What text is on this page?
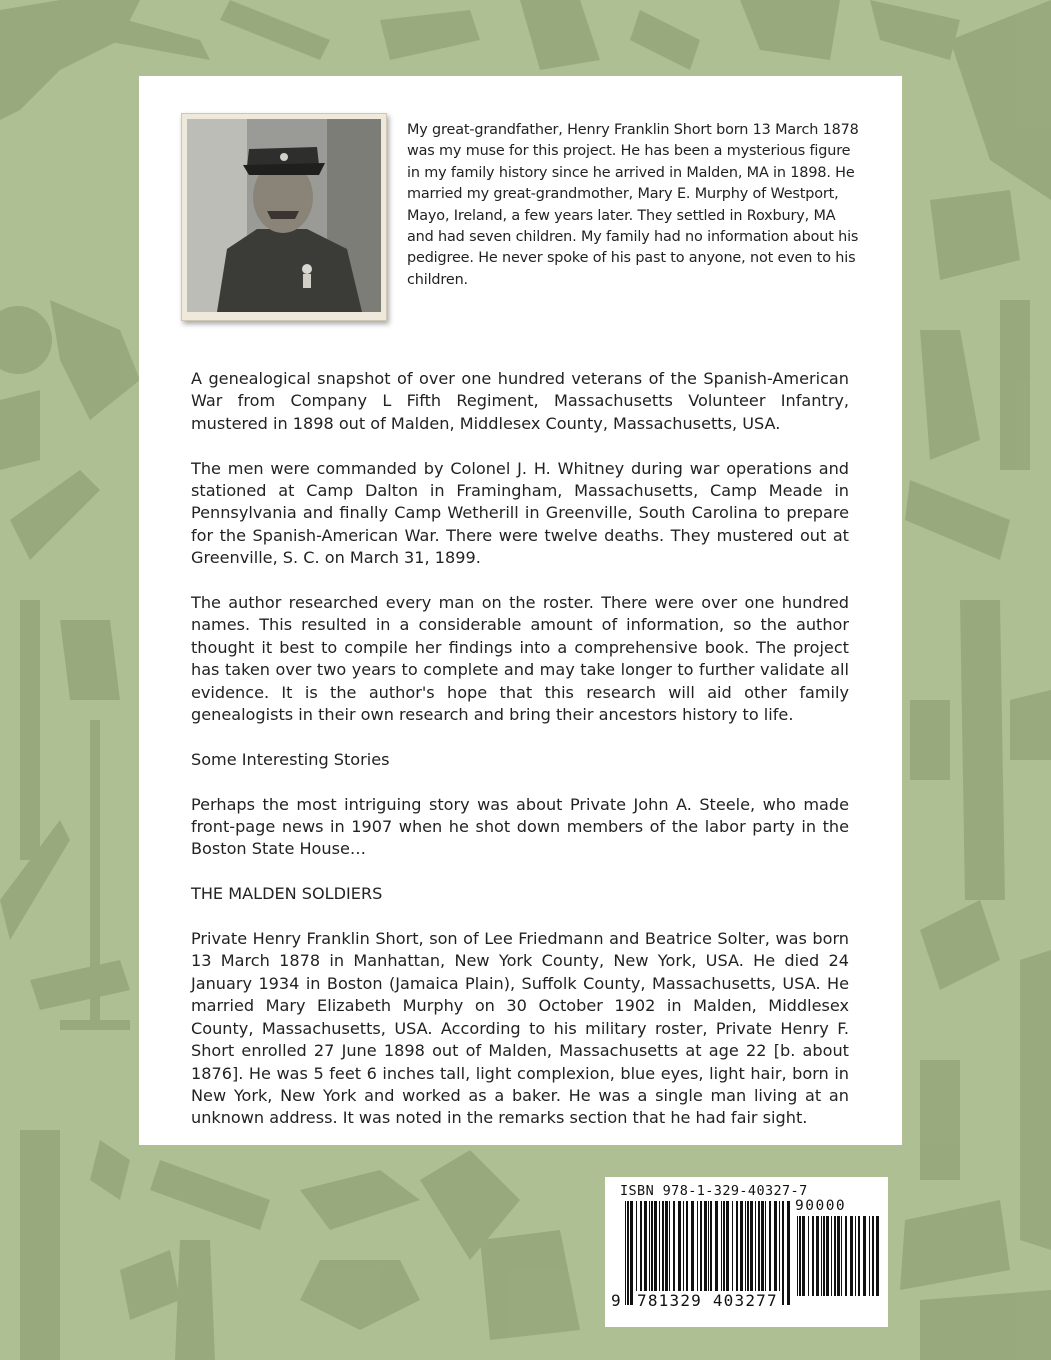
My great-grandfather, Henry Franklin Short born 13 March 1878 was my muse for this project. He has been a mysterious figure in my family history since he arrived in Malden, MA in 1898. He married my great-grandmother, Mary E. Murphy of Westport, Mayo, Ireland, a few years later. They settled in Roxbury, MA and had seven children. My family had no information about his pedigree. He never spoke of his past to anyone, not even to his children.

A genealogical snapshot of over one hundred veterans of the Spanish-American War from Company L Fifth Regiment, Massachusetts Volunteer Infantry, mustered in 1898 out of Malden, Middlesex County, Massachusetts, USA.

The men were commanded by Colonel J. H. Whitney during war operations and stationed at Camp Dalton in Framingham, Massachusetts, Camp Meade in Pennsylvania and finally Camp Wetherill in Greenville, South Carolina to prepare for the Spanish-American War. There were twelve deaths. They mustered out at Greenville, S. C. on March 31, 1899.

The author researched every man on the roster. There were over one hundred names. This resulted in a considerable amount of information, so the author thought it best to compile her findings into a comprehensive book. The project has taken over two years to complete and may take longer to further validate all evidence. It is the author's hope that this research will aid other family genealogists in their own research and bring their ancestors history to life.

Some Interesting Stories

Perhaps the most intriguing story was about Private John A. Steele, who made front-page news in 1907 when he shot down members of the labor party in the Boston State House…

THE MALDEN SOLDIERS

Private Henry Franklin Short, son of Lee Friedmann and Beatrice Solter, was born 13 March 1878 in Manhattan, New York County, New York, USA. He died 24 January 1934 in Boston (Jamaica Plain), Suffolk County, Massachusetts, USA. He married Mary Elizabeth Murphy on 30 October 1902 in Malden, Middlesex County, Massachusetts, USA. According to his military roster, Private Henry F. Short enrolled 27 June 1898 out of Malden, Massachusetts at age 22 [b. about 1876]. He was 5 feet 6 inches tall, light complexion, blue eyes, light hair, born in New York, New York and worked as a baker. He was a single man living at an unknown address. It was noted in the remarks section that he had fair sight.

ISBN 978-1-329-40327-7

90000

9 781329 403277
